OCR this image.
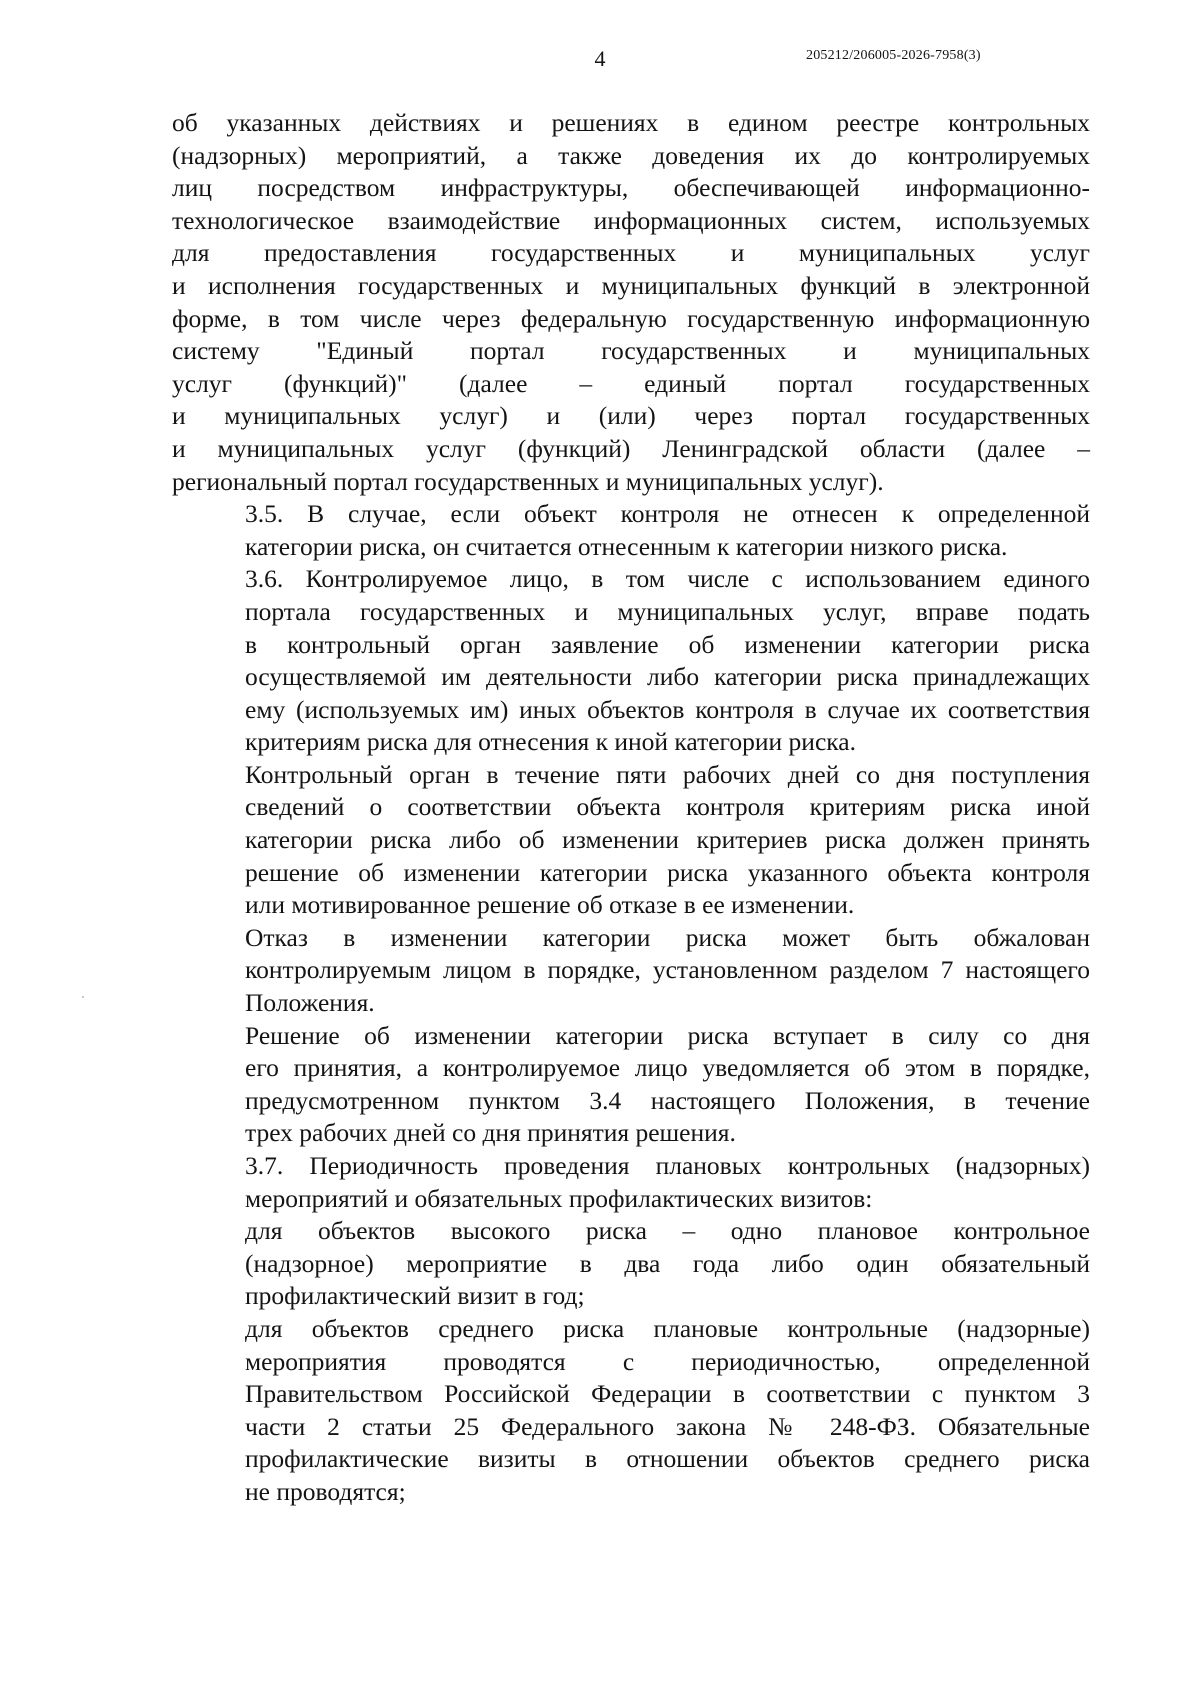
4	205212/206005-2026-7958(3)
об указанных действиях и решениях в едином реестре контрольных
(надзорных) мероприятий, а также доведения их до контролируемых
лиц посредством инфраструктуры, обеспечивающей информационно-
технологическое взаимодействие информационных систем, используемых
для предоставления государственных и муниципальных услуг
и исполнения государственных и муниципальных функций в электронной
форме, в том числе через федеральную государственную информационную
систему "Единый портал государственных и муниципальных
услуг (функций)" (далее – единый портал государственных
и муниципальных услуг) и (или) через портал государственных
и муниципальных услуг (функций) Ленинградской области (далее –
региональный портал государственных и муниципальных услуг).
3.5. В случае, если объект контроля не отнесен к определенной
категории риска, он считается отнесенным к категории низкого риска.
3.6. Контролируемое лицо, в том числе с использованием единого
портала государственных и муниципальных услуг, вправе подать
в контрольный орган заявление об изменении категории риска
осуществляемой им деятельности либо категории риска принадлежащих
ему (используемых им) иных объектов контроля в случае их соответствия
критериям риска для отнесения к иной категории риска.
Контрольный орган в течение пяти рабочих дней со дня поступления
сведений о соответствии объекта контроля критериям риска иной
категории риска либо об изменении критериев риска должен принять
решение об изменении категории риска указанного объекта контроля
или мотивированное решение об отказе в ее изменении.
Отказ в изменении категории риска может быть обжалован
контролируемым лицом в порядке, установленном разделом 7 настоящего
Положения.
Решение об изменении категории риска вступает в силу со дня
его принятия, а контролируемое лицо уведомляется об этом в порядке,
предусмотренном пунктом 3.4 настоящего Положения, в течение
трех рабочих дней со дня принятия решения.
3.7. Периодичность проведения плановых контрольных (надзорных)
мероприятий и обязательных профилактических визитов:
для объектов высокого риска – одно плановое контрольное
(надзорное) мероприятие в два года либо один обязательный
профилактический визит в год;
для объектов среднего риска плановые контрольные (надзорные)
мероприятия проводятся с периодичностью, определенной
Правительством Российской Федерации в соответствии с пунктом 3
части 2 статьи 25 Федерального закона № 248-ФЗ. Обязательные
профилактические визиты в отношении объектов среднего риска
не проводятся;
